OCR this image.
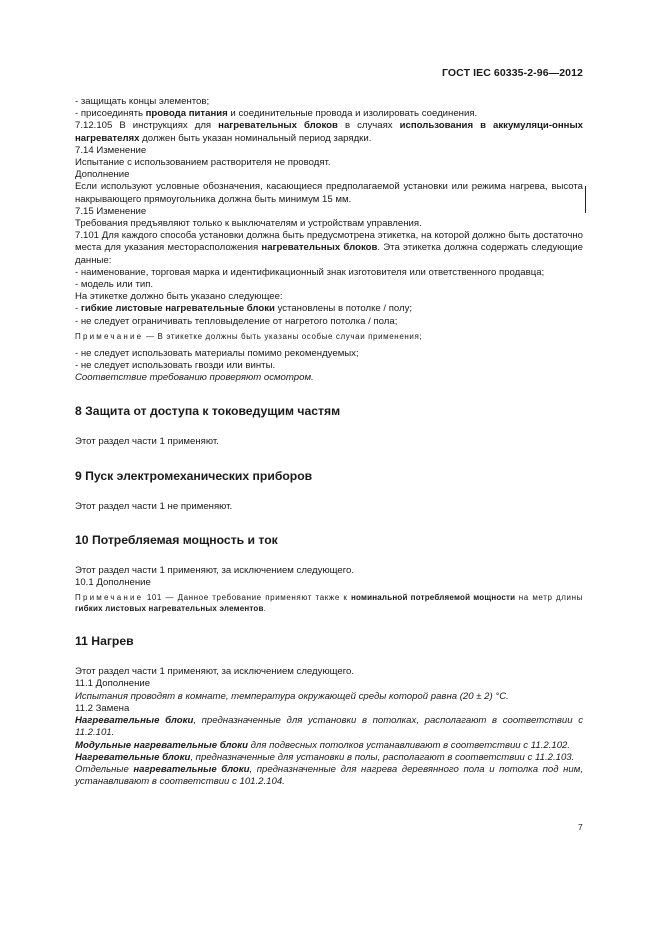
ГОСТ IEC 60335-2-96—2012

- защищать концы элементов;

- присоединять провода питания и соединительные провода и изолировать соединения.

7.12.105 В инструкциях для нагревательных блоков в случаях использования в аккумуляци-онных нагревателях должен быть указан номинальный период зарядки.

7.14 Изменение

Испытание с использованием растворителя не проводят.

Дополнение

Если используют условные обозначения, касающиеся предполагаемой установки или режима нагрева, высота накрывающего прямоугольника должна быть минимум 15 мм.

7.15 Изменение

Требования предъявляют только к выключателям и устройствам управления.

7.101 Для каждого способа установки должна быть предусмотрена этикетка, на которой должно быть достаточно места для указания месторасположения нагревательных блоков. Эта этикетка должна содержать следующие данные:

- наименование, торговая марка и идентификационный знак изготовителя или ответственного продавца;

- модель или тип.

На этикетке должно быть указано следующее:

- гибкие листовые нагревательные блоки установлены в потолке / полу;

- не следует ограничивать тепловыделение от нагретого потолка / пола;

Примечание — В этикетке должны быть указаны особые случаи применения;

- не следует использовать материалы помимо рекомендуемых;

- не следует использовать гвозди или винты.

Соответствие требованию проверяют осмотром.

8 Защита от доступа к токоведущим частям

Этот раздел части 1 применяют.

9 Пуск электромеханических приборов

Этот раздел части 1 не применяют.

10 Потребляемая мощность и ток

Этот раздел части 1 применяют, за исключением следующего.

10.1 Дополнение

Примечание 101 — Данное требование применяют также к номинальной потребляемой мощности на метр длины гибких листовых нагревательных элементов.

11 Нагрев

Этот раздел части 1 применяют, за исключением следующего.

11.1 Дополнение

Испытания проводят в комнате, температура окружающей среды которой равна (20 ± 2) °С.

11.2 Замена

Нагревательные блоки, предназначенные для установки в потолках, располагают в соответствии с 11.2.101.

Модульные нагревательные блоки для подвесных потолков устанавливают в соответствии с 11.2.102.

Нагревательные блоки, предназначенные для установки в полы, располагают в соответствии с 11.2.103.

Отдельные нагревательные блоки, предназначенные для нагрева деревянного пола и потолка под ним, устанавливают в соответствии с 101.2.104.

7
